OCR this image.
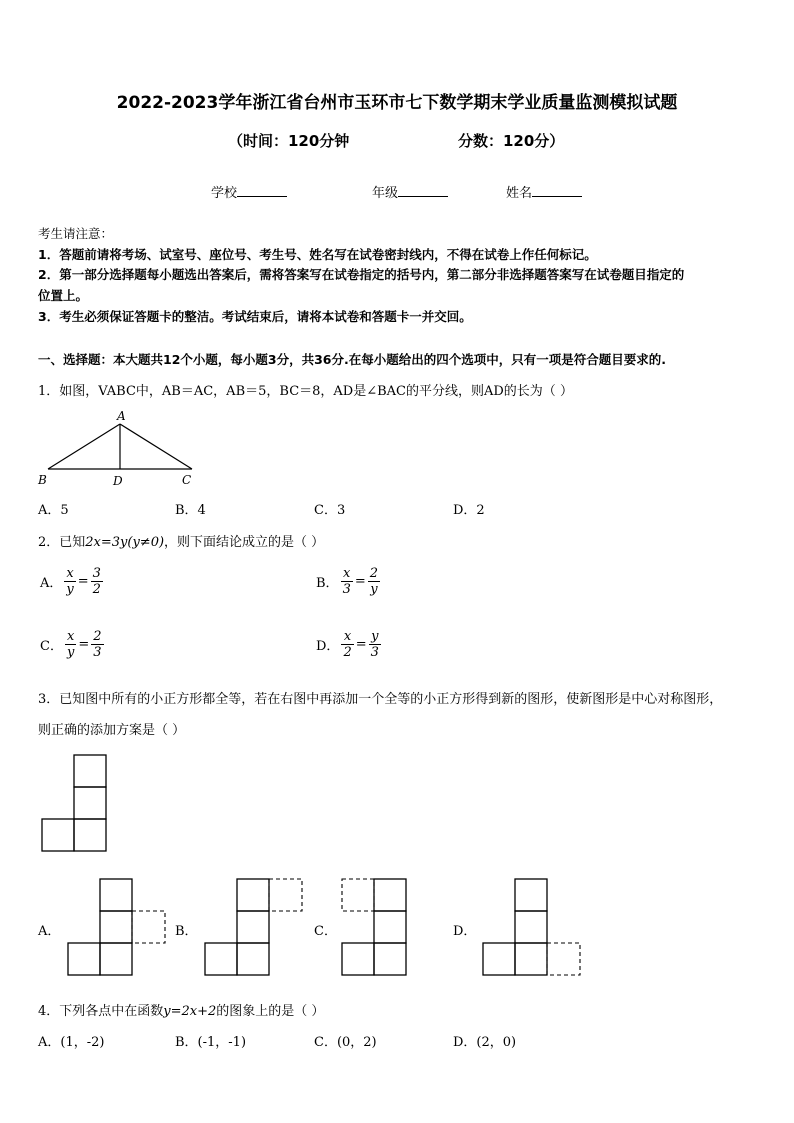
2022-2023学年浙江省台州市玉环市七下数学期末学业质量监测模拟试题
（时间：120分钟	分数：120分）
学校	年级	姓名
考生请注意：
1．答题前请将考场、试室号、座位号、考生号、姓名写在试卷密封线内，不得在试卷上作任何标记。
2．第一部分选择题每小题选出答案后，需将答案写在试卷指定的括号内，第二部分非选择题答案写在试卷题目指定的
位置上。
3．考生必须保证答题卡的整洁。考试结束后，请将本试卷和答题卡一并交回。
一、选择题：本大题共12个小题，每小题3分，共36分.在每小题给出的四个选项中，只有一项是符合题目要求的.
1．如图，VABC中，AB＝AC，AB＝5，BC＝8，AD是∠BAC的平分线，则AD的长为（ ）
A
B	D	C
A．5	B．4	C．3	D．2
2．已知2x=3y(y≠0)，则下面结论成立的是（ ）
A． $\frac{x}{y} = \frac{3}{2}$	B． $\frac{x}{3} = \frac{2}{y}$
C． $\frac{x}{y} = \frac{2}{3}$	D． $\frac{x}{2} = \frac{y}{3}$
3．已知图中所有的小正方形都全等，若在右图中再添加一个全等的小正方形得到新的图形，使新图形是中心对称图形，
则正确的添加方案是（ ）
A．	B．	C．	D．
4．下列各点中在函数y=2x+2的图象上的是（ ）
A．(1，-2)	B．(-1，-1)	C．(0，2)	D．(2，0)
